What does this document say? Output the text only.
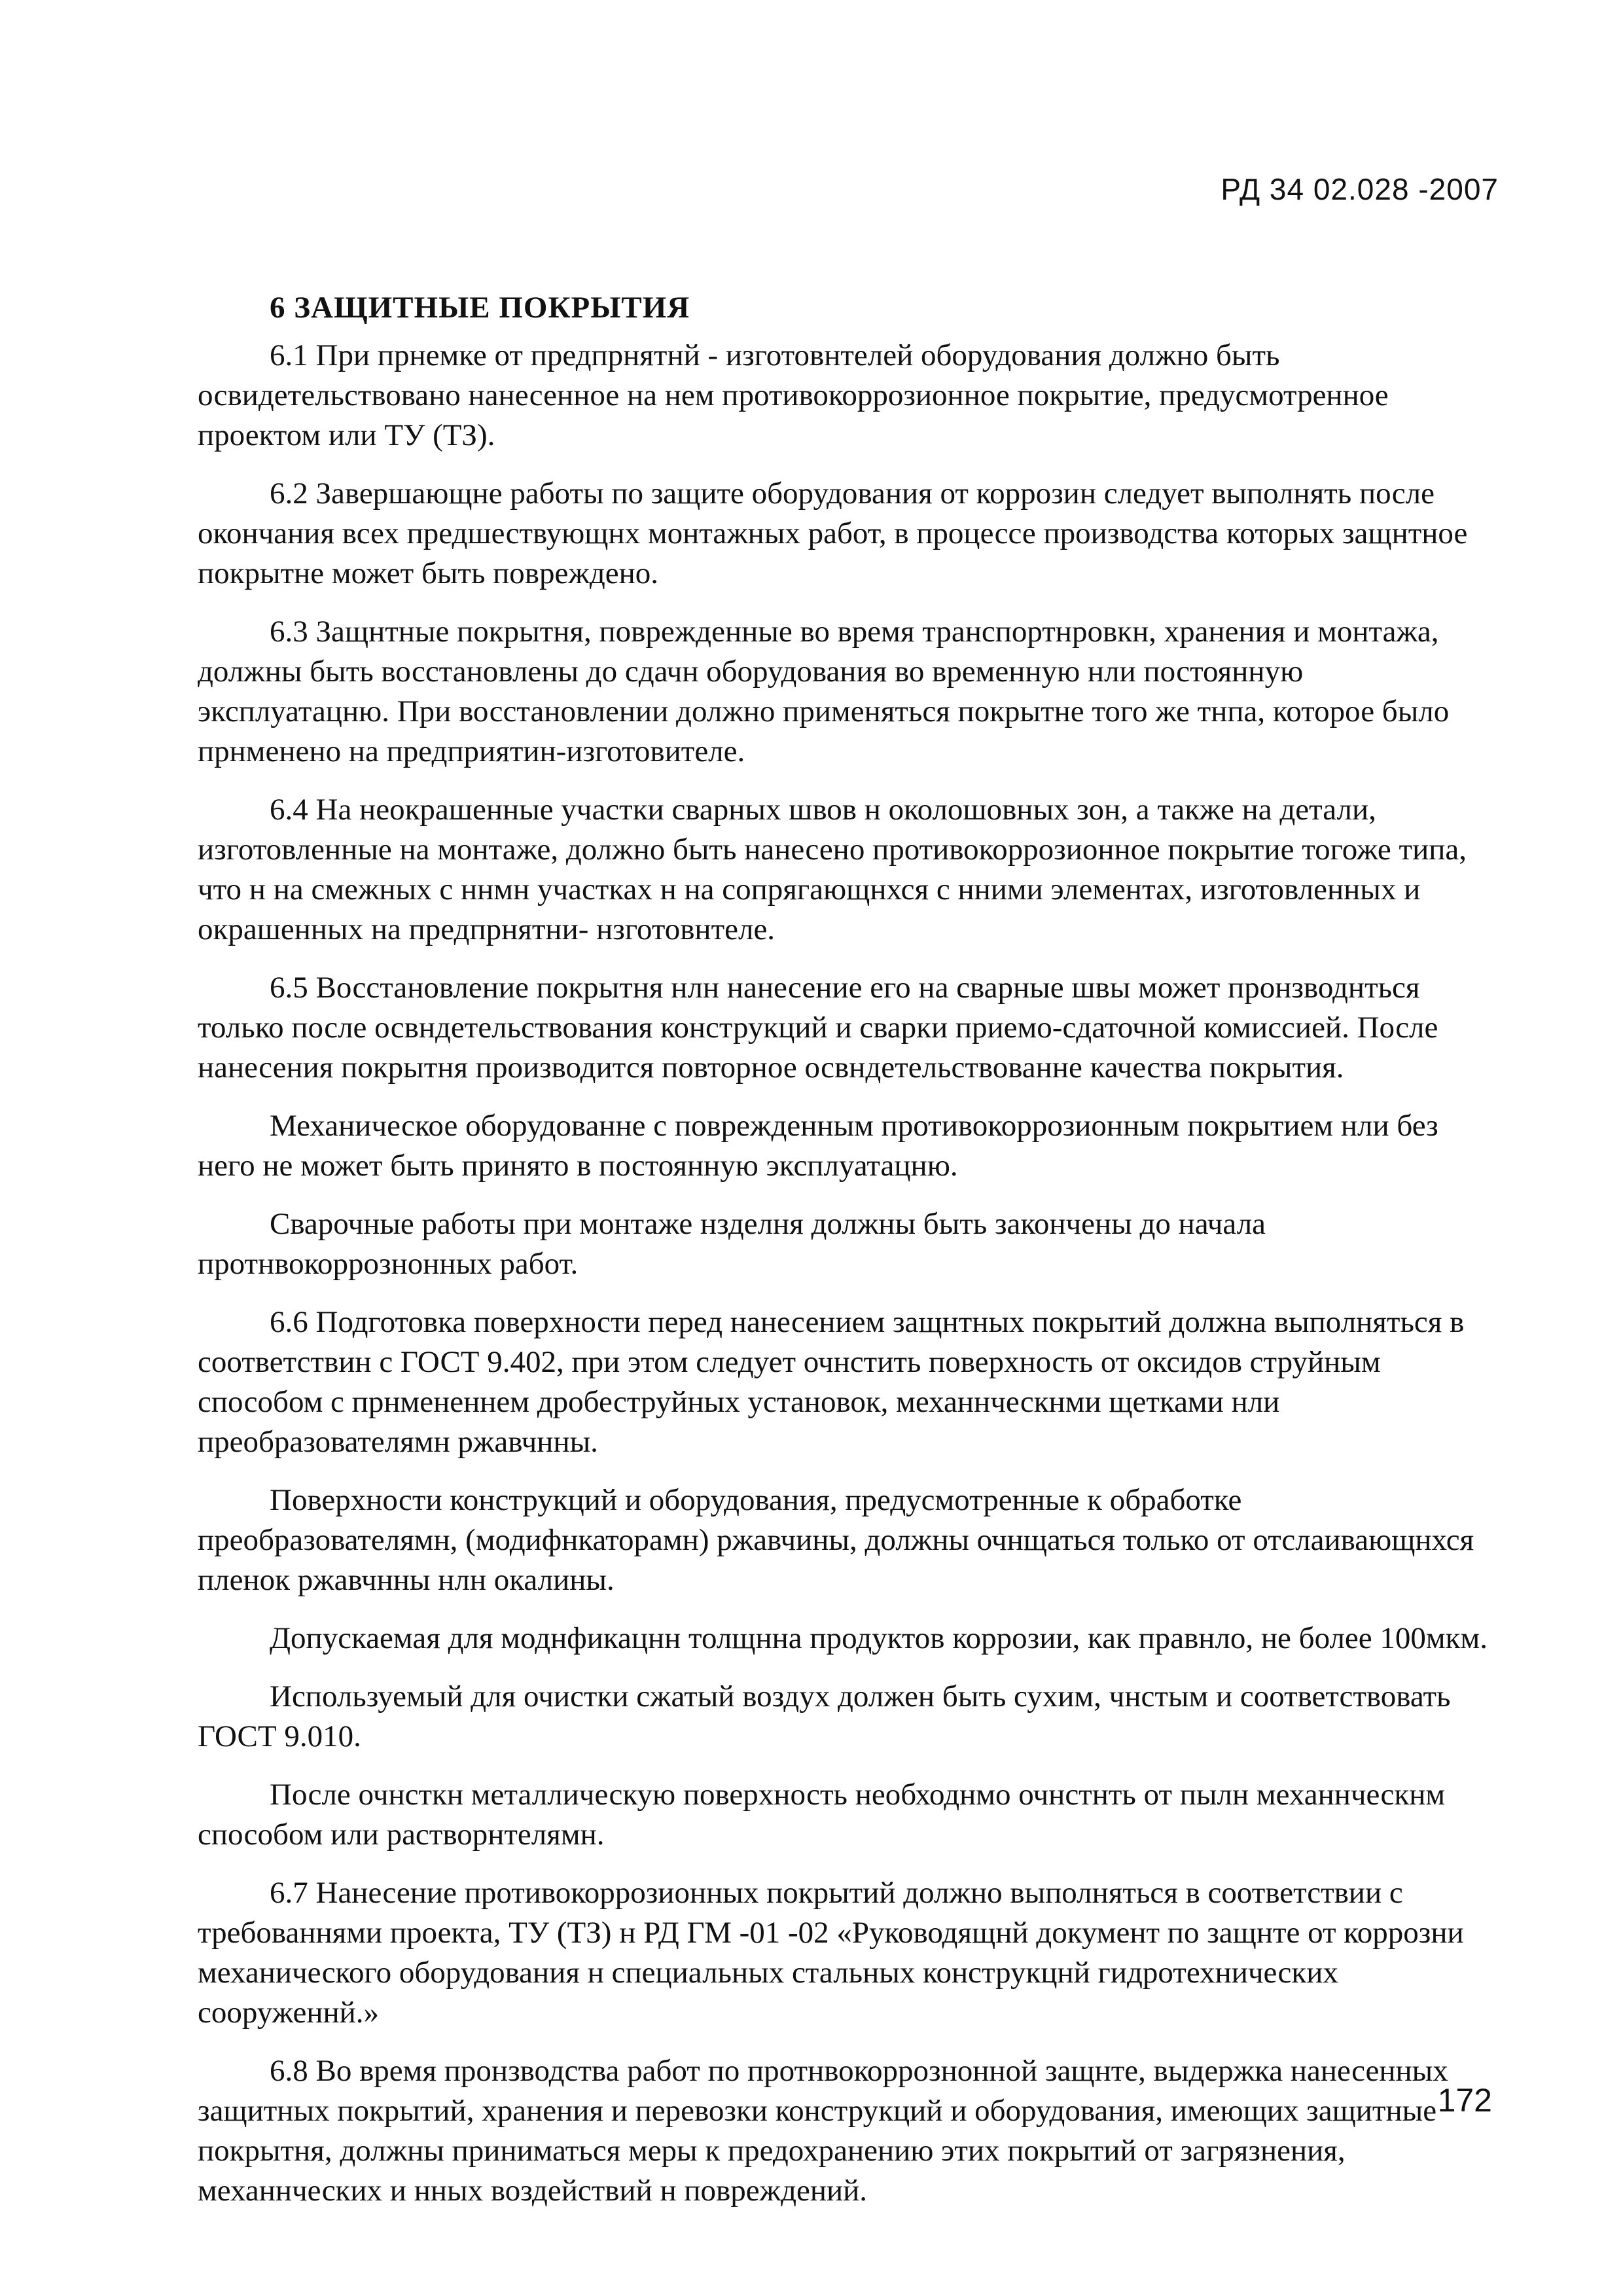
РД 34 02.028 -2007
6 ЗАЩИТНЫЕ ПОКРЫТИЯ

6.1 При прнемке от предпрнятнй - изготовнтелей оборудования должно быть освидетельствовано нанесенное на нем противокоррозионное покрытие, предусмотренное проектом или ТУ (ТЗ).

6.2 Завершающне работы по защите оборудования от коррозин следует выполнять после окончания всех предшествующнх монтажных работ, в процессе производства которых защнтное покрытне может быть повреждено.

6.3 Защнтные покрытня, поврежденные во время транспортнровкн, хранения и монтажа, должны быть восстановлены до сдачн оборудования во временную нли постоянную эксплуатацню. При восстановлении должно применяться покрытне того же тнпа, которое было прнменено на предприятин-изготовителе.

6.4 На неокрашенные участки сварных швов н околошовных зон, а также на детали, изготовленные на монтаже, должно быть нанесено противокоррозионное покрытие тогоже типа, что н на смежных с ннмн участках н на сопрягающнхся с нними элементах, изготовленных и окрашенных на предпрнятни- нзготовнтеле.

6.5 Восстановление покрытня нлн нанесение его на сварные швы может пронзводнться только после освндетельствования конструкций и сварки приемо-сдаточной комиссией. После нанесения покрытня производится повторное освндетельствованне качества покрытия.

Механическое оборудованне с поврежденным противокоррозионным покрытием нли без него не может быть принято в постоянную эксплуатацню.

Сварочные работы при монтаже нзделня должны быть закончены до начала протнвокоррознонных работ.

6.6 Подготовка поверхности перед нанесением защнтных покрытий должна выполняться в соответствин с ГОСТ 9.402, при этом следует очнстить поверхность от оксидов струйным способом с прнмененнем дробеструйных установок, механнческнми щетками нли преобразователямн ржавчнны.

Поверхности конструкций и оборудования, предусмотренные к обработке преобразователямн, (модифнкаторамн) ржавчины, должны очнщаться только от отслаивающнхся пленок ржавчнны нлн окалины.

Допускаемая для моднфикацнн толщнна продуктов коррозии, как правнло, не более 100мкм.

Используемый для очистки сжатый воздух должен быть сухим, чнстым и соответствовать ГОСТ 9.010.

После очнсткн металлическую поверхность необходнмо очнстнть от пылн механнческнм способом или растворнтелямн.

6.7 Нанесение противокоррозионных покрытий должно выполняться в соответствии с требованнями проекта, ТУ (ТЗ) н РД ГМ -01 -02 «Руководящнй документ по защнте от коррозни механического оборудования н специальных стальных конструкцнй гидротехнических сооруженнй.»

6.8 Во время пронзводства работ по протнвокоррознонной защнте, выдержка нанесенных защитных покрытий, хранения и перевозки конструкций и оборудования, имеющих защитные покрытня, должны приниматься меры к предохранению этих покрытий от загрязнения, механнческих и нных воздействий н повреждений.

172
